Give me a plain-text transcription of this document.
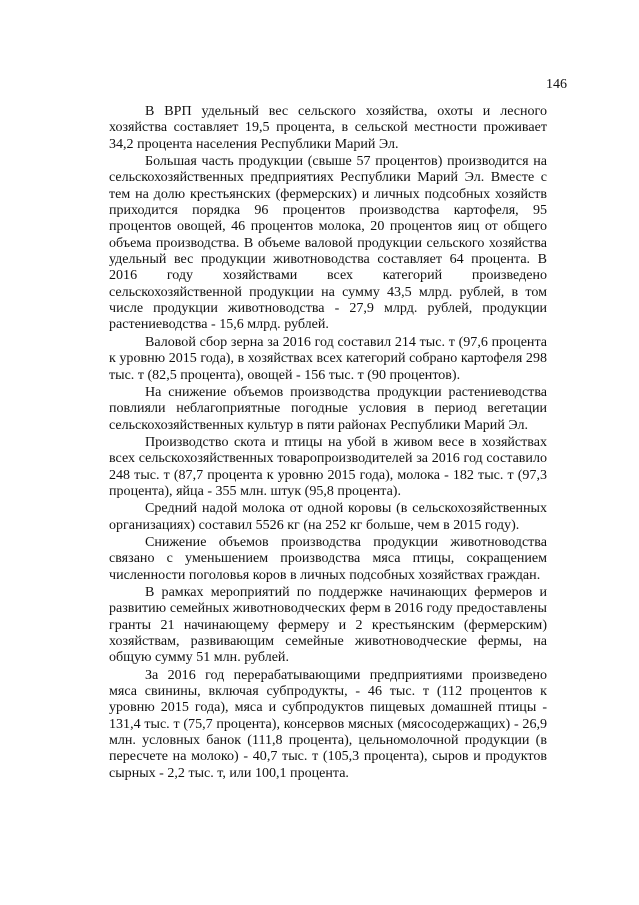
146

В ВРП удельный вес сельского хозяйства, охоты и лесного хозяйства составляет 19,5 процента, в сельской местности проживает 34,2 процента населения Республики Марий Эл.

Большая часть продукции (свыше 57 процентов) производится на сельскохозяйственных предприятиях Республики Марий Эл. Вместе с тем на долю крестьянских (фермерских) и личных подсобных хозяйств приходится порядка 96 процентов производства картофеля, 95 процентов овощей, 46 процентов молока, 20 процентов яиц от общего объема производства. В объеме валовой продукции сельского хозяйства удельный вес продукции животноводства составляет 64 процента. В 2016 году хозяйствами всех категорий произведено сельскохозяйственной продукции на сумму 43,5 млрд. рублей, в том числе продукции животноводства - 27,9 млрд. рублей, продукции растениеводства - 15,6 млрд. рублей.

Валовой сбор зерна за 2016 год составил 214 тыс. т (97,6 процента к уровню 2015 года), в хозяйствах всех категорий собрано картофеля 298 тыс. т (82,5 процента), овощей - 156 тыс. т (90 процентов).

На снижение объемов производства продукции растениеводства повлияли неблагоприятные погодные условия в период вегетации сельскохозяйственных культур в пяти районах Республики Марий Эл.

Производство скота и птицы на убой в живом весе в хозяйствах всех сельскохозяйственных товаропроизводителей за 2016 год составило 248 тыс. т (87,7 процента к уровню 2015 года), молока - 182 тыс. т (97,3 процента), яйца - 355 млн. штук (95,8 процента).

Средний надой молока от одной коровы (в сельскохозяйственных организациях) составил 5526 кг (на 252 кг больше, чем в 2015 году).

Снижение объемов производства продукции животноводства связано с уменьшением производства мяса птицы, сокращением численности поголовья коров в личных подсобных хозяйствах граждан.

В рамках мероприятий по поддержке начинающих фермеров и развитию семейных животноводческих ферм в 2016 году предоставлены гранты 21 начинающему фермеру и 2 крестьянским (фермерским) хозяйствам, развивающим семейные животноводческие фермы, на общую сумму 51 млн. рублей.

За 2016 год перерабатывающими предприятиями произведено мяса свинины, включая субпродукты, - 46 тыс. т (112 процентов к уровню 2015 года), мяса и субпродуктов пищевых домашней птицы - 131,4 тыс. т (75,7 процента), консервов мясных (мясосодержащих) - 26,9 млн. условных банок (111,8 процента), цельномолочной продукции (в пересчете на молоко) - 40,7 тыс. т (105,3 процента), сыров и продуктов сырных - 2,2 тыс. т, или 100,1 процента.
